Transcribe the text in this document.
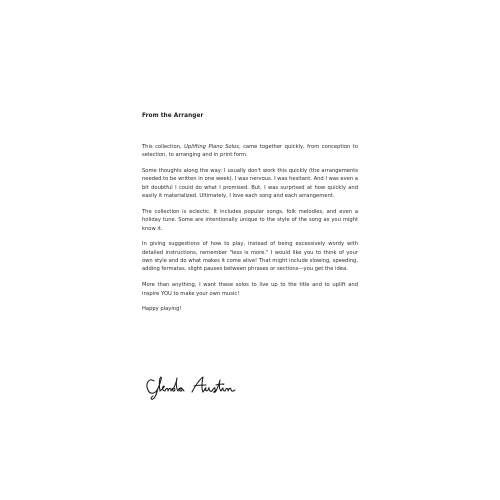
From the Arranger

This collection, Uplifting Piano Solos, came together quickly, from conception to selection, to arranging and in print form.

Some thoughts along the way: I usually don't work this quickly (the arrangements needed to be written in one week). I was nervous. I was hesitant. And I was even a bit doubtful I could do what I promised. But, I was surprised at how quickly and easily it materialized. Ultimately, I love each song and each arrangement.

The collection is eclectic. It includes popular songs, folk melodies, and even a holiday tune. Some are intentionally unique to the style of the song as you might know it.

In giving suggestions of how to play, instead of being excessively wordy with detailed instructions, remember "less is more." I would like you to think of your own style and do what makes it come alive! That might include slowing, speeding, adding fermatas, slight pauses between phrases or sections—you get the idea.

More than anything, I want these solos to live up to the title and to uplift and inspire YOU to make your own music!

Happy playing!
